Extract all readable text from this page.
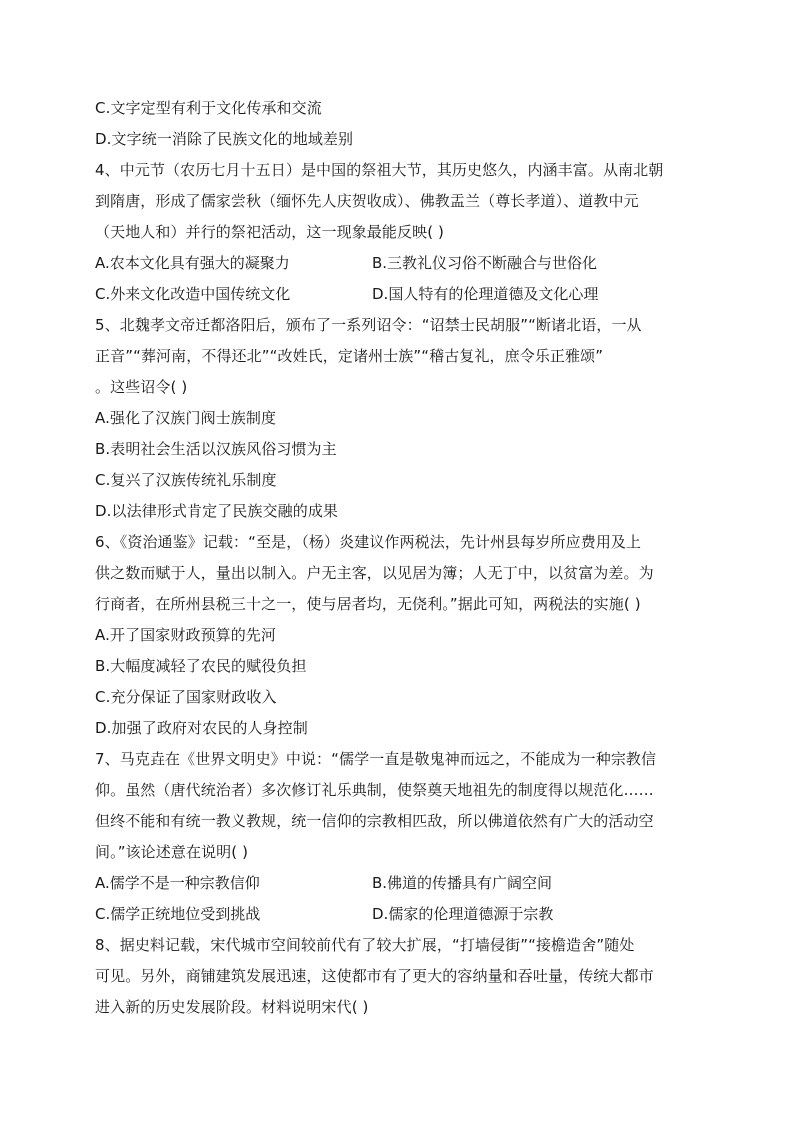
C.文字定型有利于文化传承和交流
D.文字统一消除了民族文化的地域差别
4、中元节（农历七月十五日）是中国的祭祖大节，其历史悠久，内涵丰富。从南北朝
到隋唐，形成了儒家尝秋（缅怀先人庆贺收成）、佛教盂兰（尊长孝道）、道教中元
（天地人和）并行的祭祀活动，这一现象最能反映( )
A.农本文化具有强大的凝聚力	B.三教礼仪习俗不断融合与世俗化
C.外来文化改造中国传统文化	D.国人特有的伦理道德及文化心理
5、北魏孝文帝迁都洛阳后，颁布了一系列诏令：“诏禁士民胡服”“断诸北语，一从
正音”“葬河南，不得还北”“改姓氏，定诸州士族”“稽古复礼，庶令乐正雅颂”
。这些诏令( )
A.强化了汉族门阀士族制度
B.表明社会生活以汉族风俗习惯为主
C.复兴了汉族传统礼乐制度
D.以法律形式肯定了民族交融的成果
6、《资治通鉴》记载：“至是，（杨）炎建议作两税法，先计州县每岁所应费用及上
供之数而赋于人，量出以制入。户无主客，以见居为簿；人无丁中，以贫富为差。为
行商者，在所州县税三十之一，使与居者均，无侥利。”据此可知，两税法的实施( )
A.开了国家财政预算的先河
B.大幅度减轻了农民的赋役负担
C.充分保证了国家财政收入
D.加强了政府对农民的人身控制
7、马克垚在《世界文明史》中说：“儒学一直是敬鬼神而远之，不能成为一种宗教信
仰。虽然（唐代统治者）多次修订礼乐典制，使祭奠天地祖先的制度得以规范化……
但终不能和有统一教义教规，统一信仰的宗教相匹敌，所以佛道依然有广大的活动空
间。”该论述意在说明( )
A.儒学不是一种宗教信仰	B.佛道的传播具有广阔空间
C.儒学正统地位受到挑战	D.儒家的伦理道德源于宗教
8、据史料记载，宋代城市空间较前代有了较大扩展，“打墙侵街”“接檐造舍”随处
可见。另外，商铺建筑发展迅速，这使都市有了更大的容纳量和吞吐量，传统大都市
进入新的历史发展阶段。材料说明宋代( )
